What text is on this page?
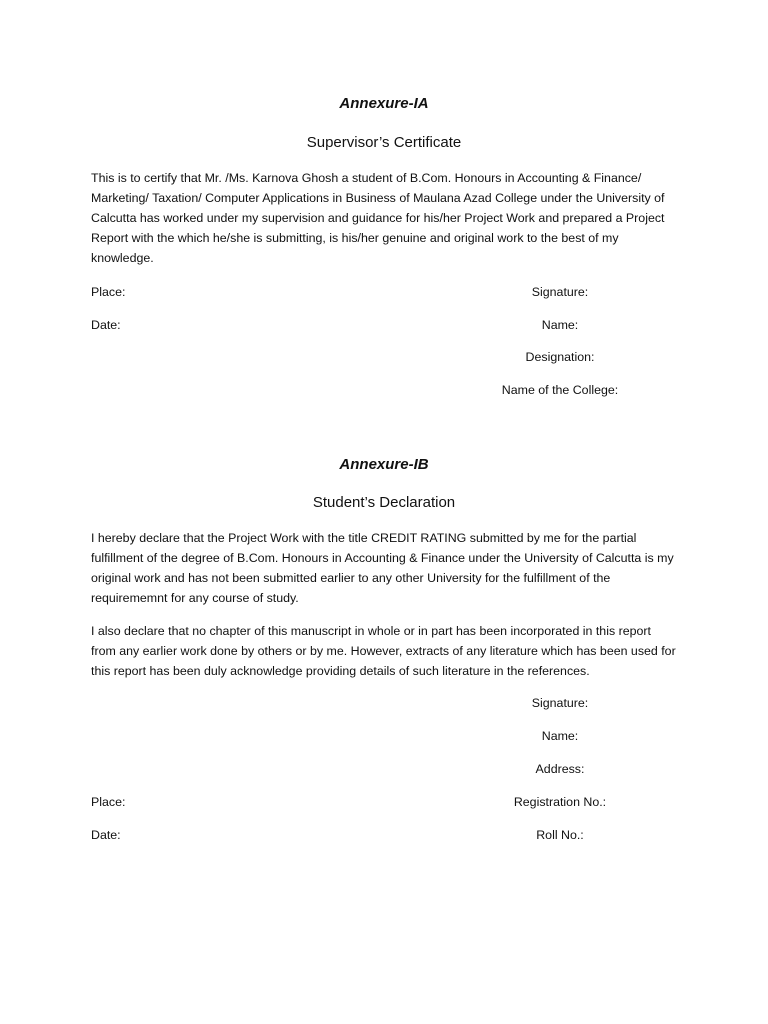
Annexure-IA
Supervisor’s Certificate

This is to certify that Mr. /Ms. Karnova Ghosh a student of B.Com. Honours in Accounting & Finance/ Marketing/ Taxation/ Computer Applications in Business of Maulana Azad College under the University of Calcutta has worked under my supervision and guidance for his/her Project Work and prepared a Project Report with the which he/she is submitting, is his/her genuine and original work to the best of my knowledge.

Place:	Signature:
Date:	Name:
Designation:
Name of the College:
Annexure-IB
Student’s Declaration

I hereby declare that the Project Work with the title CREDIT RATING submitted by me for the partial fulfillment of the degree of B.Com. Honours in Accounting & Finance under the University of Calcutta is my original work and has not been submitted earlier to any other University for the fulfillment of the requirememnt for any course of study.

I also declare that no chapter of this manuscript in whole or in part has been incorporated in this report from any earlier work done by others or by me. However, extracts of any literature which has been used for this report has been duly acknowledge providing details of such literature in the references.

Signature:
Name:
Address:
Place:	Registration No.:
Date:	Roll No.:
